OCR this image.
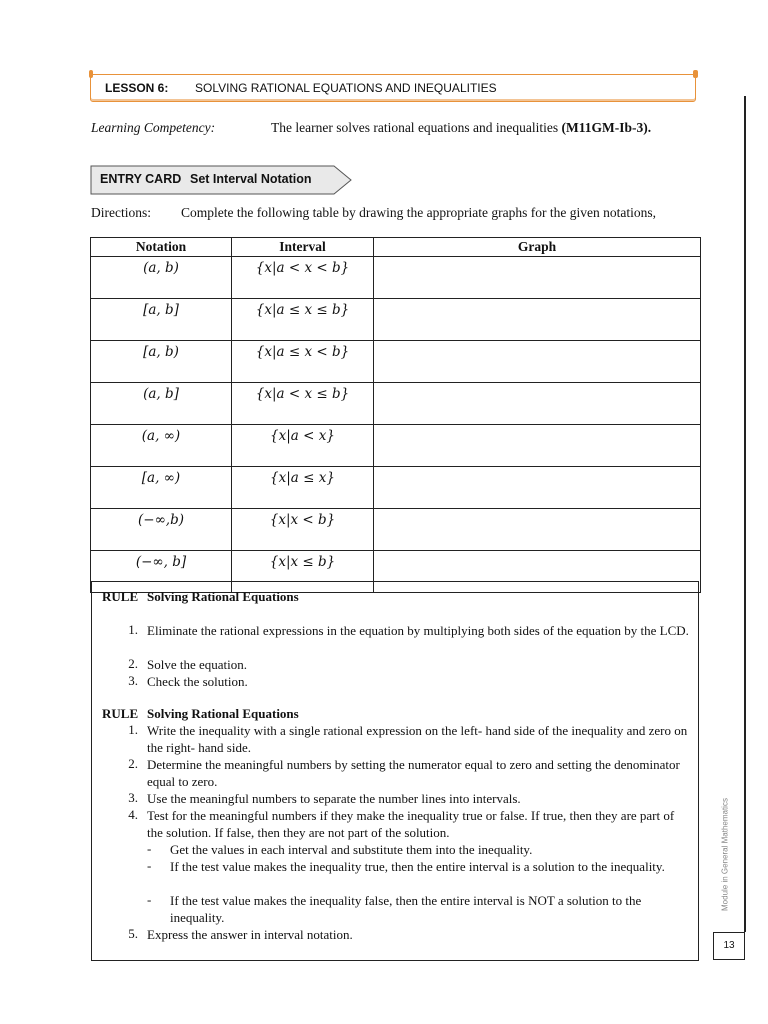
LESSON 6: SOLVING RATIONAL EQUATIONS AND INEQUALITIES
Learning Competency:	The learner solves rational equations and inequalities (M11GM-Ib-3).
ENTRY CARD Set Interval Notation
Directions: Complete the following table by drawing the appropriate graphs for the given notations,
Notation	Interval	Graph
(a, b)	{x|a < x < b}	
[a, b]	{x|a ≤ x ≤ b}	
[a, b)	{x|a ≤ x < b}	
(a, b]	{x|a < x ≤ b}	
(a, ∞)	{x|a < x}	
[a, ∞)	{x|a ≤ x}	
(−∞,b)	{x|x < b}	
(−∞, b]	{x|x ≤ b}	
RULE Solving Rational Equations
1. Eliminate the rational expressions in the equation by multiplying both sides of the equation by the LCD.
2. Solve the equation.
3. Check the solution.
RULE Solving Rational Equations
1. Write the inequality with a single rational expression on the left- hand side of the inequality and zero on the right- hand side.
2. Determine the meaningful numbers by setting the numerator equal to zero and setting the denominator equal to zero.
3. Use the meaningful numbers to separate the number lines into intervals.
4. Test for the meaningful numbers if they make the inequality true or false. If true, then they are part of the solution. If false, then they are not part of the solution.
- Get the values in each interval and substitute them into the inequality.
- If the test value makes the inequality true, then the entire interval is a solution to the inequality.
- If the test value makes the inequality false, then the entire interval is NOT a solution to the inequality.
5. Express the answer in interval notation.
Module in General Mathematics
13
